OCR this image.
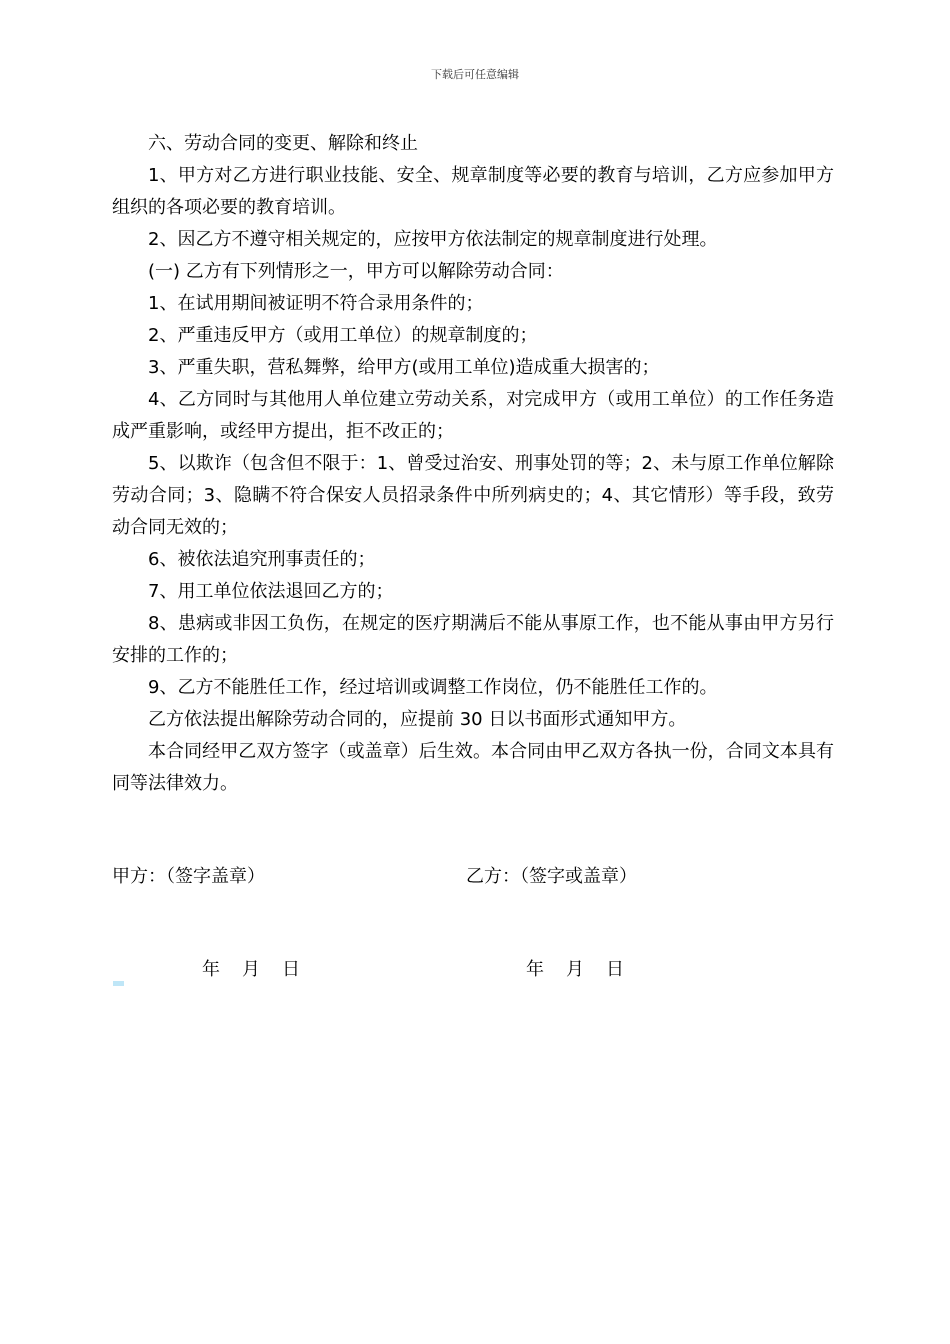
下载后可任意编辑

六、劳动合同的变更、解除和终止

1、甲方对乙方进行职业技能、安全、规章制度等必要的教育与培训，乙方应参加甲方组织的各项必要的教育培训。

2、因乙方不遵守相关规定的，应按甲方依法制定的规章制度进行处理。

(一) 乙方有下列情形之一，甲方可以解除劳动合同：

1、在试用期间被证明不符合录用条件的；

2、严重违反甲方（或用工单位）的规章制度的；

3、严重失职，营私舞弊，给甲方(或用工单位)造成重大损害的；

4、乙方同时与其他用人单位建立劳动关系，对完成甲方（或用工单位）的工作任务造成严重影响，或经甲方提出，拒不改正的；

5、以欺诈（包含但不限于：1、曾受过治安、刑事处罚的等；2、未与原工作单位解除劳动合同；3、隐瞒不符合保安人员招录条件中所列病史的；4、其它情形）等手段，致劳动合同无效的；

6、被依法追究刑事责任的；

7、用工单位依法退回乙方的；

8、患病或非因工负伤，在规定的医疗期满后不能从事原工作，也不能从事由甲方另行安排的工作的；

9、乙方不能胜任工作，经过培训或调整工作岗位，仍不能胜任工作的。

乙方依法提出解除劳动合同的，应提前 30 日以书面形式通知甲方。

本合同经甲乙双方签字（或盖章）后生效。本合同由甲乙双方各执一份，合同文本具有同等法律效力。

甲方：（签字盖章）	乙方：（签字或盖章）
年 月 日	年 月 日
